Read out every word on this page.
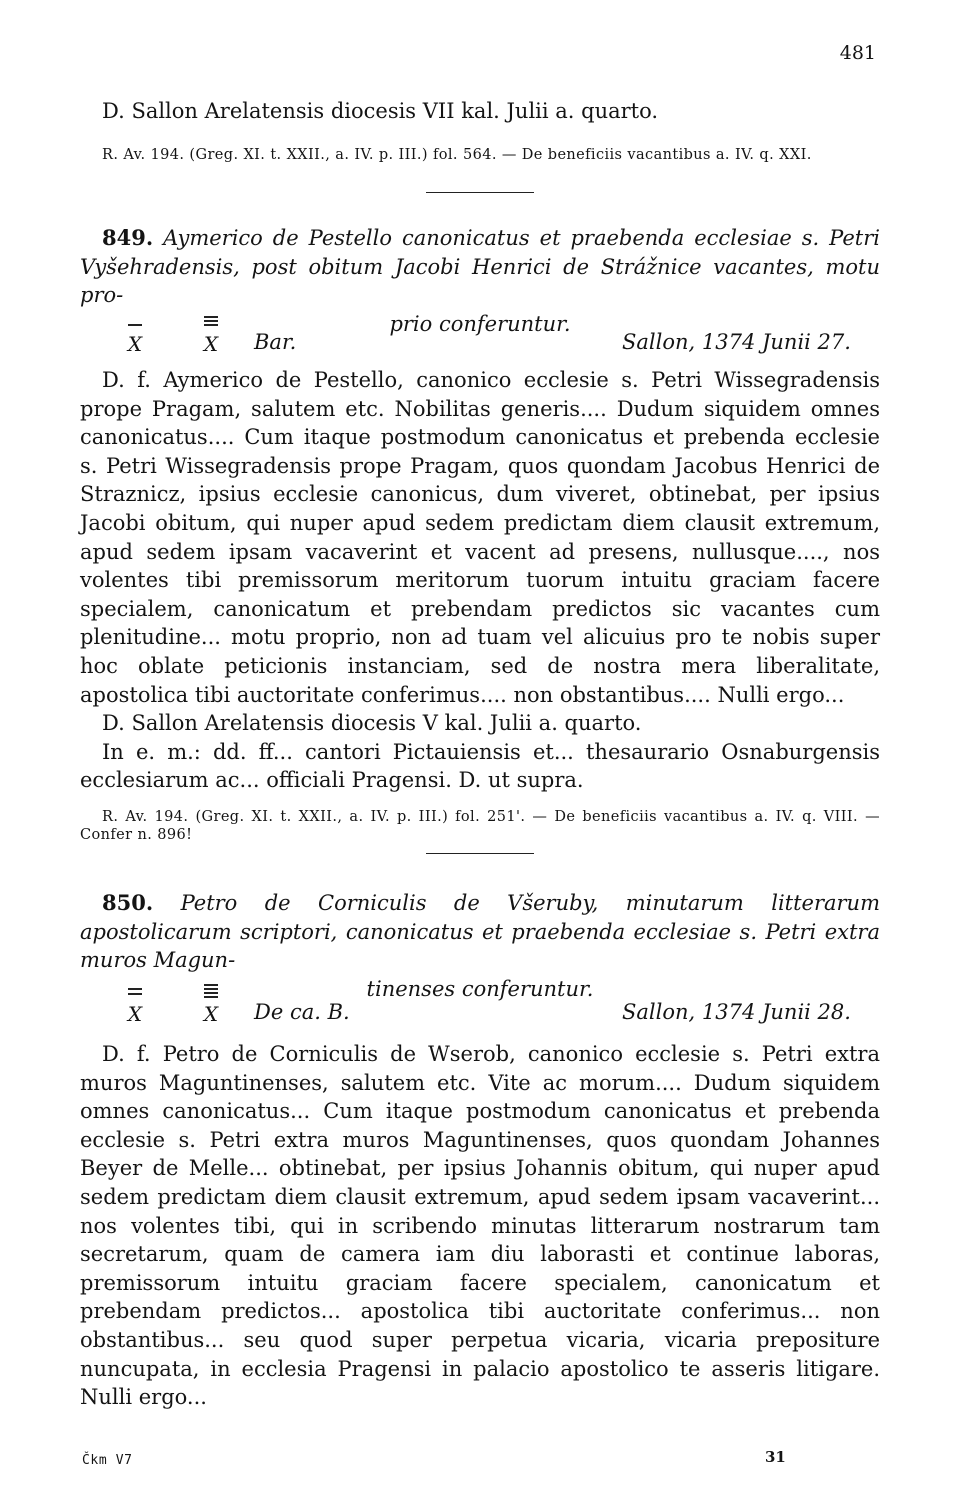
481

D. Sallon Arelatensis diocesis VII kal. Julii a. quarto.

R. Av. 194. (Greg. XI. t. XXII., a. IV. p. III.) fol. 564. — De beneficiis vacantibus a. IV. q. XXI.

849. Aymerico de Pestello canonicatus et praebenda ecclesiae s. Petri Vyšehradensis, post obitum Jacobi Henrici de Strážnice vacantes, motu pro-

prio conferuntur.

X	X	Bar.	Sallon, 1374 Junii 27.

D. f. Aymerico de Pestello, canonico ecclesie s. Petri Wissegradensis prope Pragam, salutem etc. Nobilitas generis.... Dudum siquidem omnes canonicatus.... Cum itaque postmodum canonicatus et prebenda ecclesie s. Petri Wissegradensis prope Pragam, quos quondam Jacobus Henrici de Straznicz, ipsius ecclesie canonicus, dum viveret, obtinebat, per ipsius Jacobi obitum, qui nuper apud sedem predictam diem clausit extremum, apud sedem ipsam vacaverint et vacent ad presens, nullusque...., nos volentes tibi premissorum meritorum tuorum intuitu graciam facere specialem, canonicatum et prebendam predictos sic vacantes cum plenitudine... motu proprio, non ad tuam vel alicuius pro te nobis super hoc oblate peticionis instanciam, sed de nostra mera liberalitate, apostolica tibi auctoritate conferimus.... non obstantibus.... Nulli ergo...

D. Sallon Arelatensis diocesis V kal. Julii a. quarto.

In e. m.: dd. ff... cantori Pictauiensis et... thesaurario Osnaburgensis ecclesiarum ac... officiali Pragensi. D. ut supra.

R. Av. 194. (Greg. XI. t. XXII., a. IV. p. III.) fol. 251'. — De beneficiis vacantibus a. IV. q. VIII. — Confer n. 896!

850. Petro de Corniculis de Všeruby, minutarum litterarum apostolicarum scriptori, canonicatus et praebenda ecclesiae s. Petri extra muros Magun-

tinenses conferuntur.

X	X	De ca. B.	Sallon, 1374 Junii 28.

D. f. Petro de Corniculis de Wserob, canonico ecclesie s. Petri extra muros Maguntinenses, salutem etc. Vite ac morum.... Dudum siquidem omnes canonicatus... Cum itaque postmodum canonicatus et prebenda ecclesie s. Petri extra muros Maguntinenses, quos quondam Johannes Beyer de Melle... obtinebat, per ipsius Johannis obitum, qui nuper apud sedem predictam diem clausit extremum, apud sedem ipsam vacaverint... nos volentes tibi, qui in scribendo minutas litterarum nostrarum tam secretarum, quam de camera iam diu laborasti et continue laboras, premissorum intuitu graciam facere specialem, canonicatum et prebendam predictos... apostolica tibi auctoritate conferimus... non obstantibus... seu quod super perpetua vicaria, vicaria prepositure nuncupata, in ecclesia Pragensi in palacio apostolico te asseris litigare. Nulli ergo...

Čkm V7	31
